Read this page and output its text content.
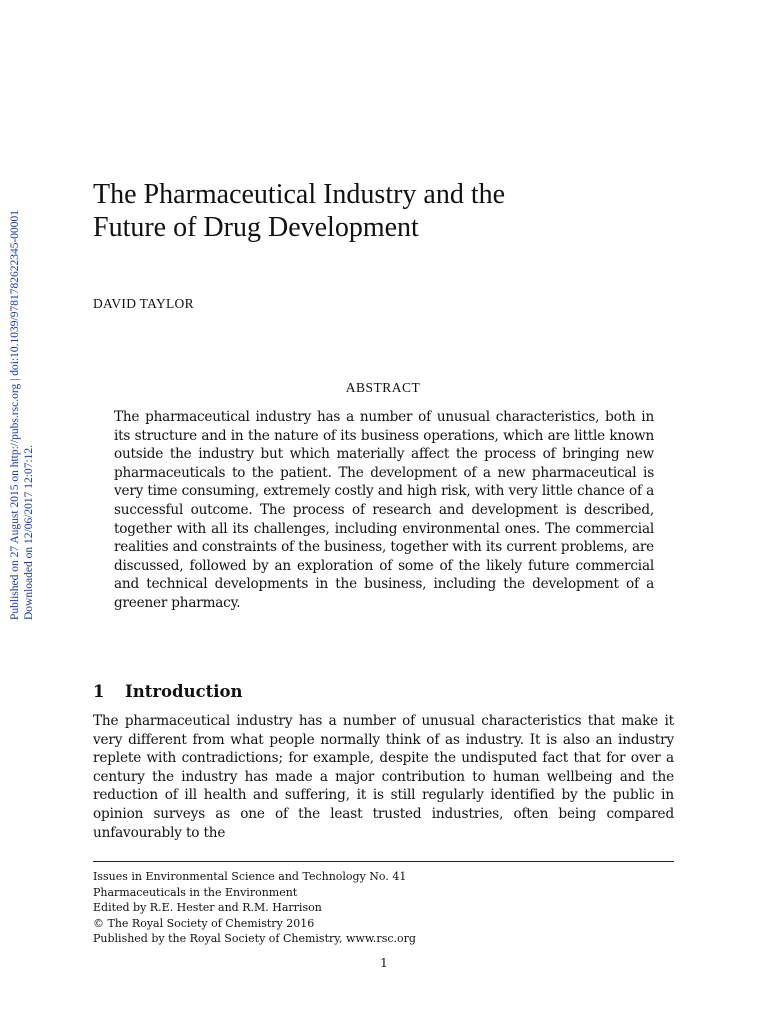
Published on 27 August 2015 on http://pubs.rsc.org | doi:10.1039/9781782622345-00001 Downloaded on 12/06/2017 12:07:12.
The Pharmaceutical Industry and the
Future of Drug Development
DAVID TAYLOR
ABSTRACT

The pharmaceutical industry has a number of unusual characteristics, both in its structure and in the nature of its business operations, which are little known outside the industry but which materially affect the process of bringing new pharmaceuticals to the patient. The development of a new pharmaceutical is very time consuming, extremely costly and high risk, with very little chance of a successful outcome. The process of research and development is described, together with all its challenges, including environmental ones. The commercial realities and constraints of the business, together with its current problems, are discussed, followed by an exploration of some of the likely future commercial and technical developments in the business, including the development of a greener pharmacy.

1 Introduction

The pharmaceutical industry has a number of unusual characteristics that make it very different from what people normally think of as industry. It is also an industry replete with contradictions; for example, despite the undisputed fact that for over a century the industry has made a major contribution to human wellbeing and the reduction of ill health and suffering, it is still regularly identified by the public in opinion surveys as one of the least trusted industries, often being compared unfavourably to the

Issues in Environmental Science and Technology No. 41
Pharmaceuticals in the Environment
Edited by R.E. Hester and R.M. Harrison
© The Royal Society of Chemistry 2016
Published by the Royal Society of Chemistry, www.rsc.org
1
